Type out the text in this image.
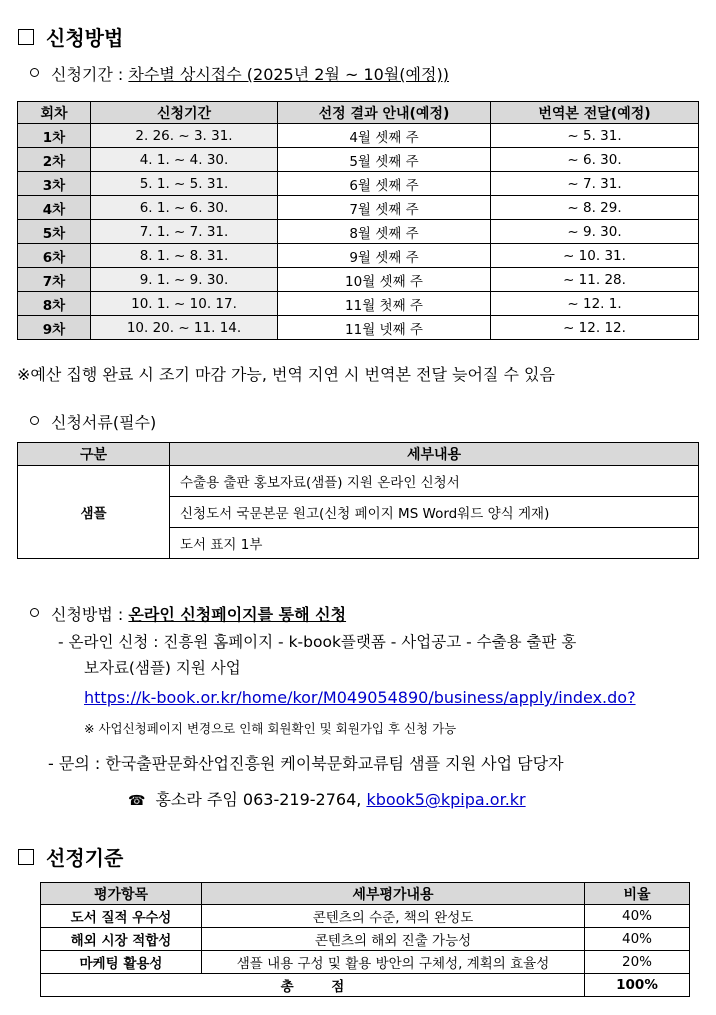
신청방법
신청기간 : 차수별 상시접수 (2025년 2월 ~ 10월(예정))
회차	신청기간	선정 결과 안내(예정)	번역본 전달(예정)
1차	2. 26. ~ 3. 31.	4월 셋째 주	~ 5. 31.
2차	4. 1. ~ 4. 30.	5월 셋째 주	~ 6. 30.
3차	5. 1. ~ 5. 31.	6월 셋째 주	~ 7. 31.
4차	6. 1. ~ 6. 30.	7월 셋째 주	~ 8. 29.
5차	7. 1. ~ 7. 31.	8월 셋째 주	~ 9. 30.
6차	8. 1. ~ 8. 31.	9월 셋째 주	~ 10. 31.
7차	9. 1. ~ 9. 30.	10월 셋째 주	~ 11. 28.
8차	10. 1. ~ 10. 17.	11월 첫째 주	~ 12. 1.
9차	10. 20. ~ 11. 14.	11월 넷째 주	~ 12. 12.
※예산 집행 완료 시 조기 마감 가능, 번역 지연 시 번역본 전달 늦어질 수 있음
신청서류(필수)
구분	세부내용
샘플	수출용 출판 홍보자료(샘플) 지원 온라인 신청서
	신청도서 국문본문 원고(신청 페이지 MS Word워드 양식 게재)
	도서 표지 1부
신청방법 : 온라인 신청페이지를 통해 신청
- 온라인 신청 : 진흥원 홈페이지 - k-book플랫폼 - 사업공고 - 수출용 출판 홍
보자료(샘플) 지원 사업
https://k-book.or.kr/home/kor/M049054890/business/apply/index.do?
※ 사업신청페이지 변경으로 인해 회원확인 및 회원가입 후 신청 가능
- 문의 : 한국출판문화산업진흥원 케이북문화교류팀 샘플 지원 사업 담당자
☎ 홍소라 주임 063-219-2764, kbook5@kpipa.or.kr
선정기준
평가항목	세부평가내용	비율
도서 질적 우수성	콘텐츠의 수준, 책의 완성도	40%
해외 시장 적합성	콘텐츠의 해외 진출 가능성	40%
마케팅 활용성	샘플 내용 구성 및 활용 방안의 구체성, 계획의 효율성	20%
총        점		100%
